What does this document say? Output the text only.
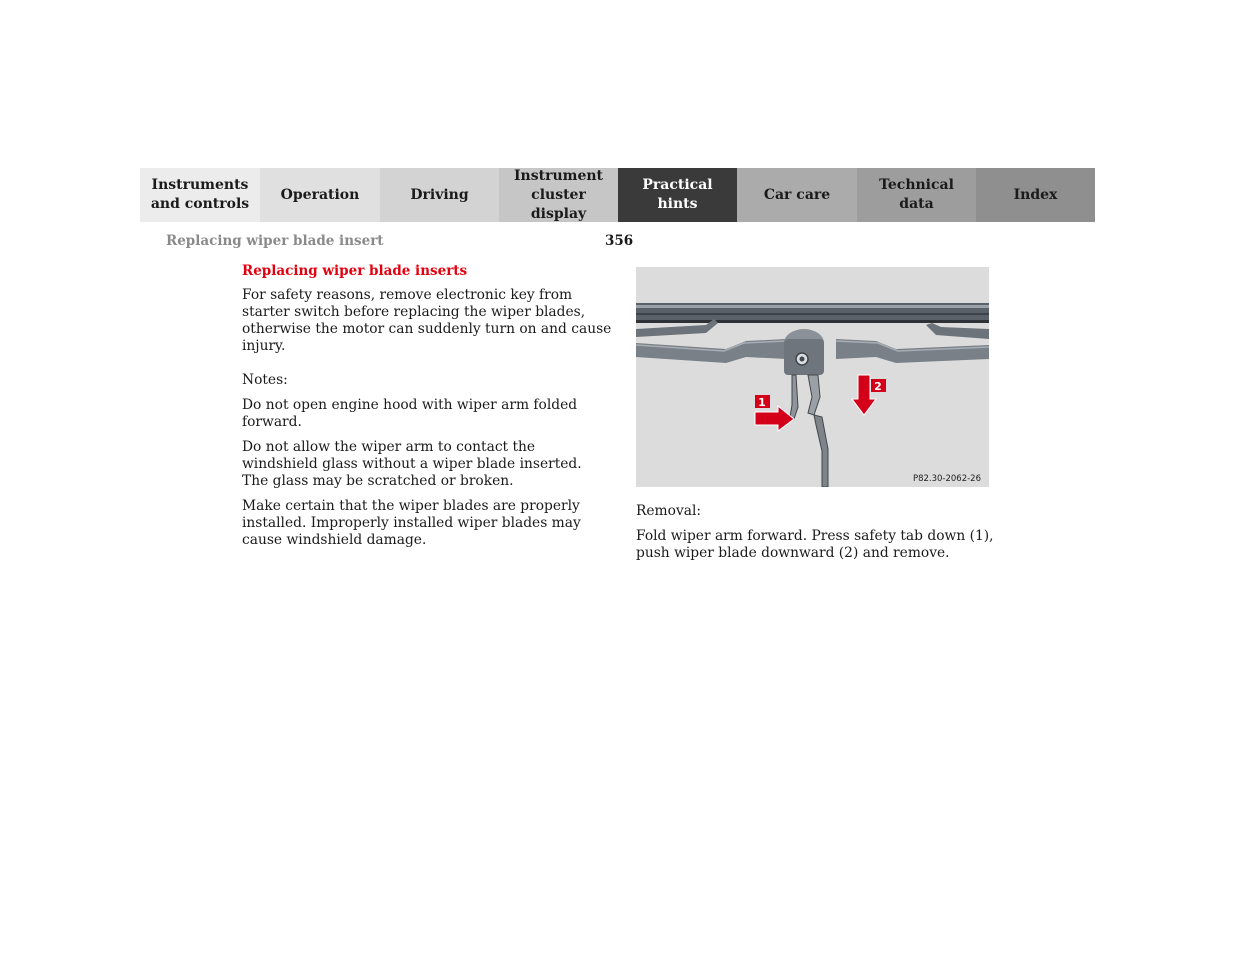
Instruments
and controls
Operation	Driving
Instrument
cluster display
Practical hints
Car care
Technical
data
Index
Replacing wiper blade insert	356
Replacing wiper blade inserts

For safety reasons, remove electronic key from starter switch before replacing the wiper blades, otherwise the motor can suddenly turn on and cause injury.

Notes:

Do not open engine hood with wiper arm folded forward.

Do not allow the wiper arm to contact the windshield glass without a wiper blade inserted. The glass may be scratched or broken.

Make certain that the wiper blades are properly installed. Improperly installed wiper blades may cause windshield damage.

1
2
P82.30-2062-26

Removal:

Fold wiper arm forward. Press safety tab down (1), push wiper blade downward (2) and remove.
